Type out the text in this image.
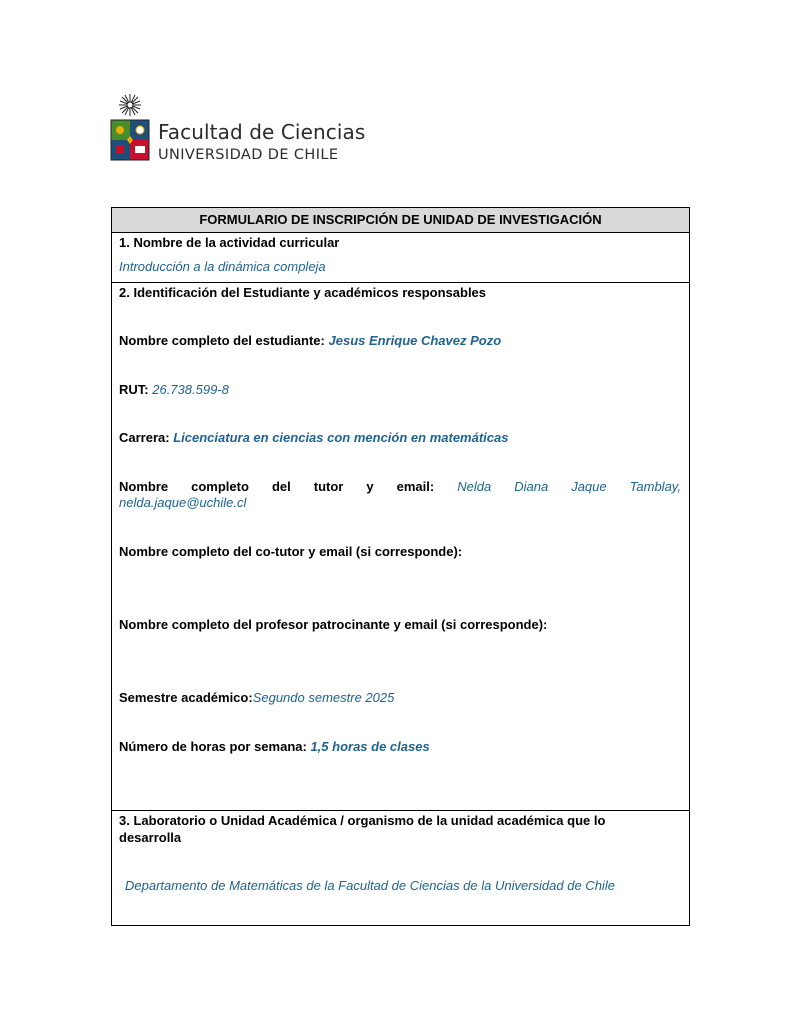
Facultad de Ciencias
UNIVERSIDAD DE CHILE
FORMULARIO DE INSCRIPCIÓN DE UNIDAD DE INVESTIGACIÓN
1. Nombre de la actividad curricular
Introducción a la dinámica compleja
2. Identificación del Estudiante y académicos responsables
Nombre completo del estudiante: Jesus Enrique Chavez Pozo
RUT: 26.738.599-8
Carrera: Licenciatura en ciencias con mención en matemáticas
Nombre completo del tutor y email: Nelda Diana Jaque Tamblay,
nelda.jaque@uchile.cl
Nombre completo del co-tutor y email (si corresponde):
Nombre completo del profesor patrocinante y email (si corresponde):
Semestre académico:Segundo semestre 2025
Número de horas por semana: 1,5 horas de clases
3. Laboratorio o Unidad Académica / organismo de la unidad académica que lo
desarrolla
Departamento de Matemáticas de la Facultad de Ciencias de la Universidad de Chile
